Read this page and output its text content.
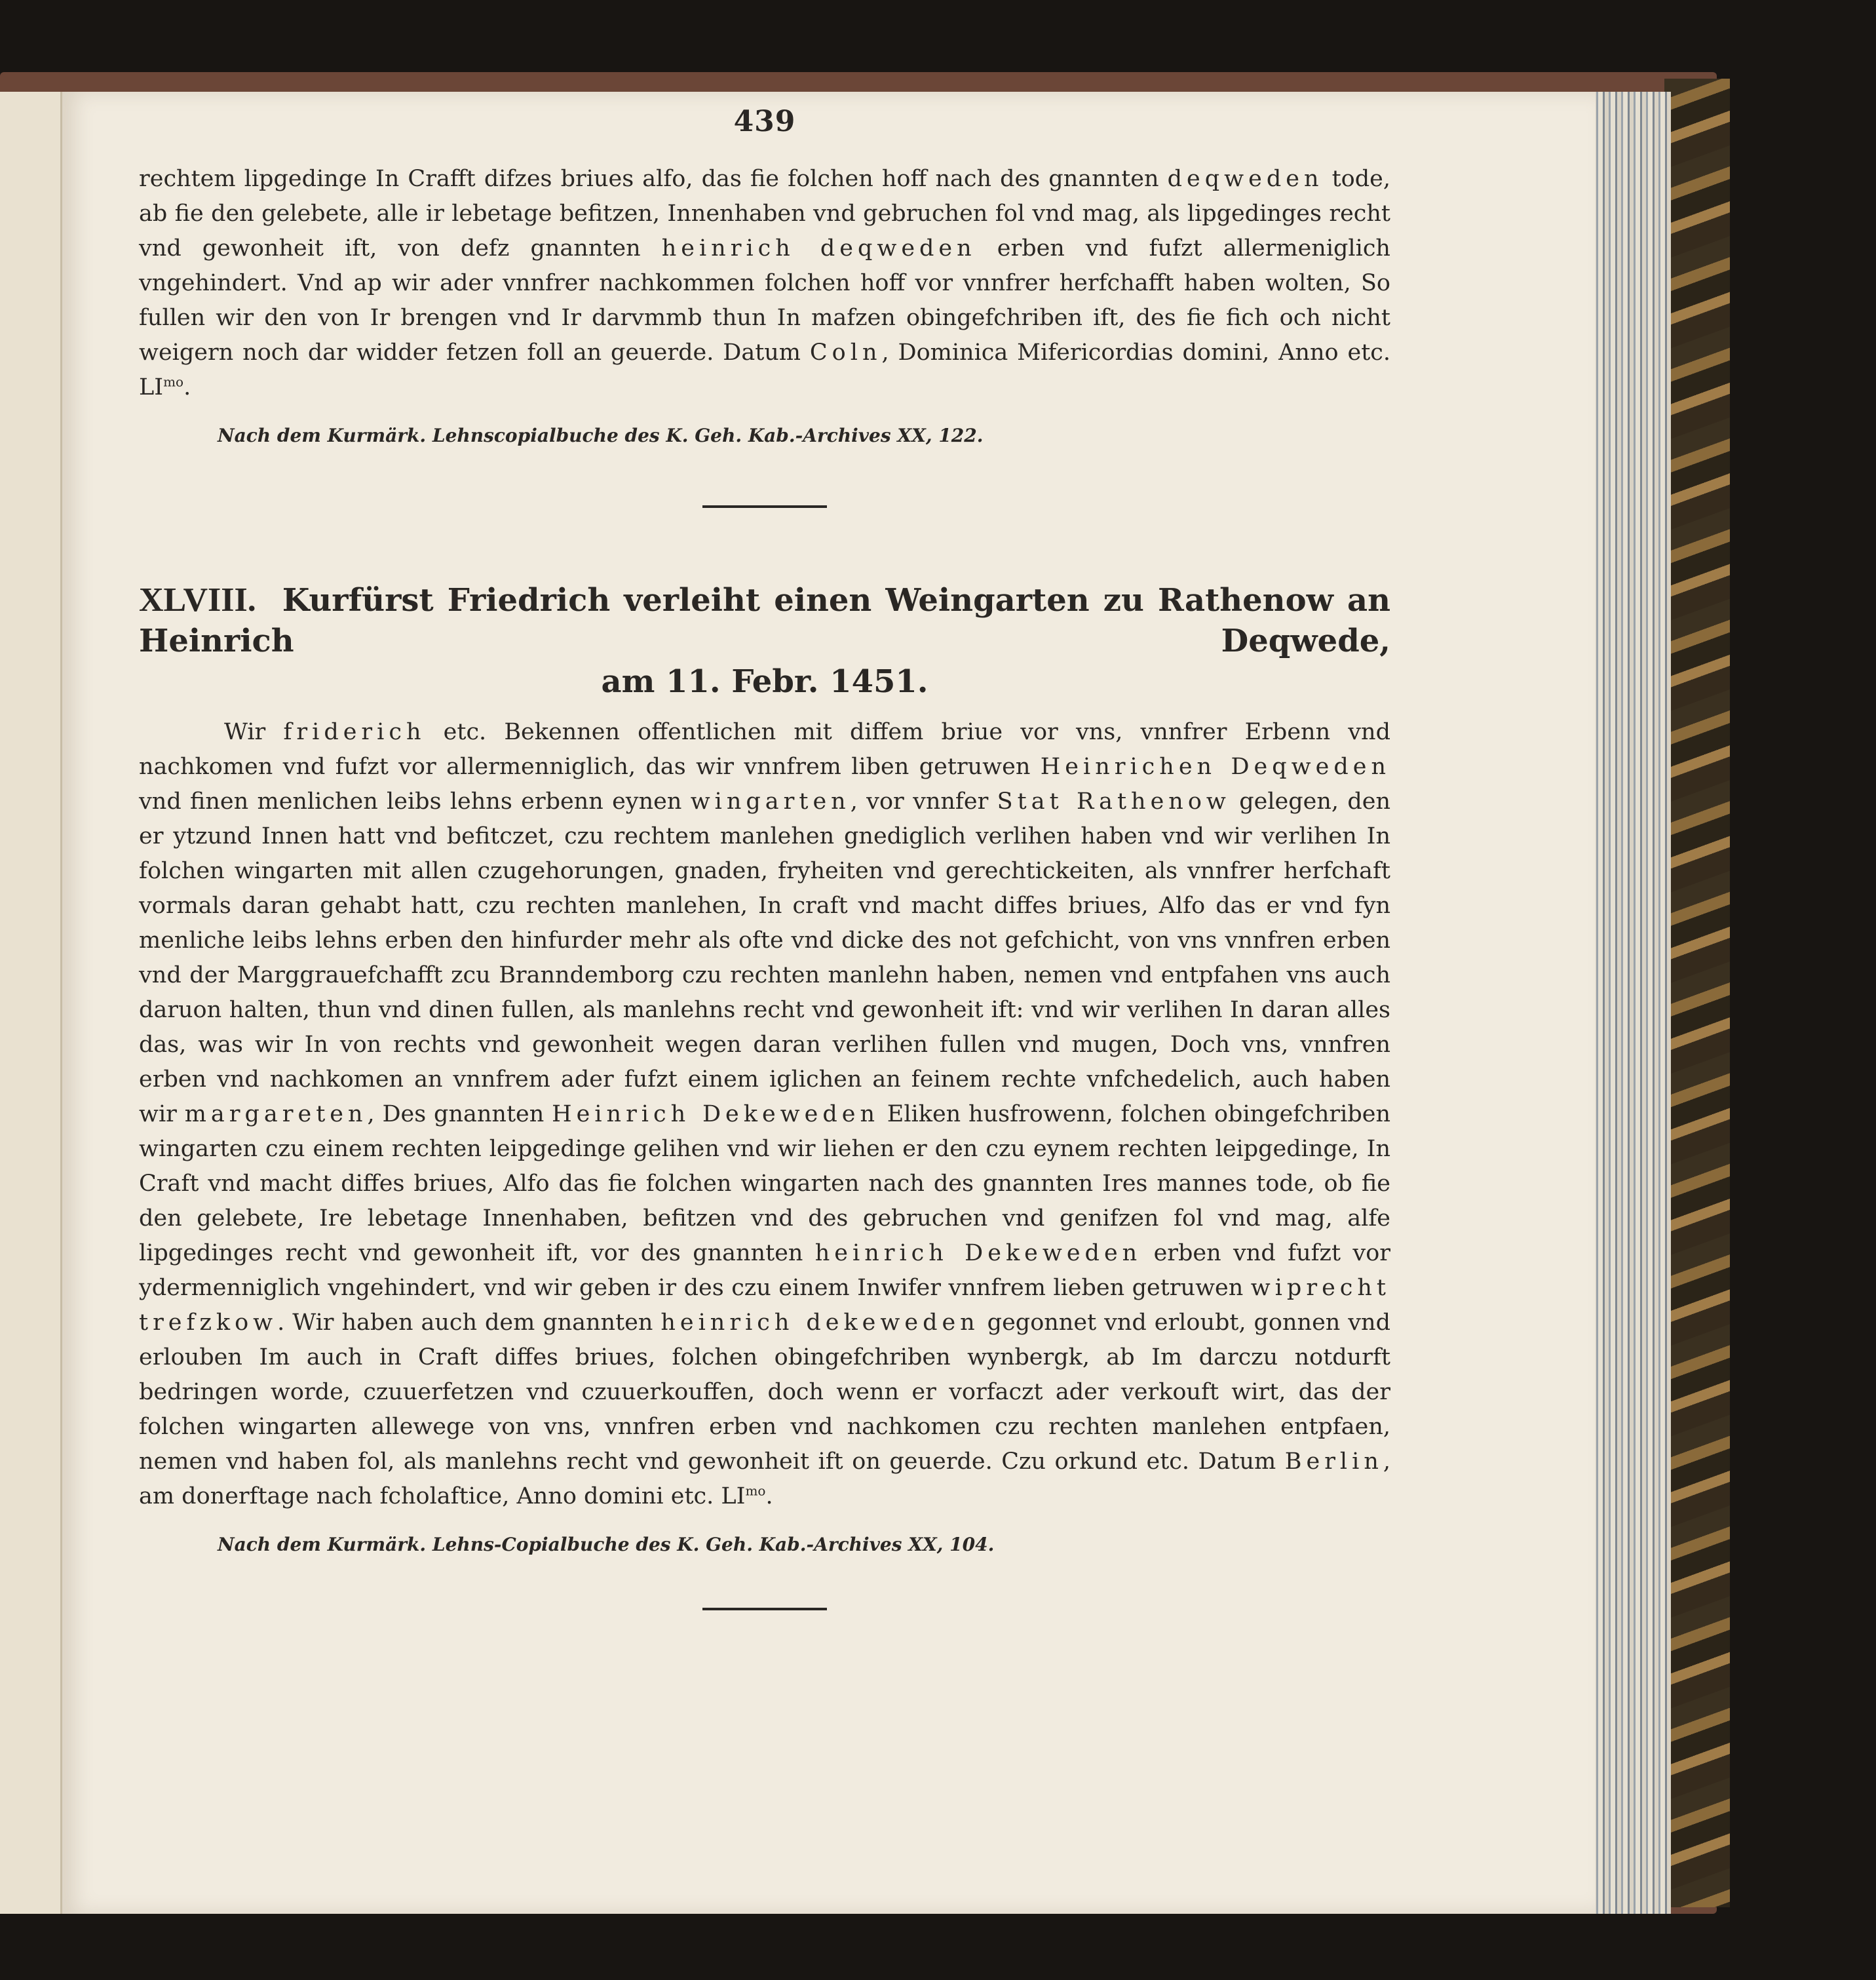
439

rechtem lipgedinge In Crafft difzes briues alfo, das fie folchen hoff nach des gnannten deqweden tode, ab fie den gelebete, alle ir lebetage befitzen, Innenhaben vnd gebruchen fol vnd mag, als lipgedinges recht vnd gewonheit ift, von defz gnannten heinrich deqweden erben vnd fufzt allermeniglich vngehindert. Vnd ap wir ader vnnfrer nachkommen folchen hoff vor vnnfrer herfchafft haben wolten, So fullen wir den von Ir brengen vnd Ir darvmmb thun In mafzen obingefchriben ift, des fie fich och nicht weigern noch dar widder fetzen foll an geuerde. Datum Coln, Dominica Mifericordias domini, Anno etc. $LI^{mo}$.

Nach dem Kurmärk. Lehnscopialbuche des K. Geh. Kab.-Archives XX, 122.

XLVIII. Kurfürst Friedrich verleiht einen Weingarten zu Rathenow an Heinrich Deqwede,
am 11. Febr. 1451.

Wir friderich etc. Bekennen offentlichen mit diffem briue vor vns, vnnfrer Erbenn vnd nachkomen vnd fufzt vor allermenniglich, das wir vnnfrem liben getruwen Heinrichen Deqweden vnd finen menlichen leibs lehns erbenn eynen wingarten, vor vnnfer Stat Rathenow gelegen, den er ytzund Innen hatt vnd befitczet, czu rechtem manlehen gnediglich verlihen haben vnd wir verlihen In folchen wingarten mit allen czugehorungen, gnaden, fryheiten vnd gerechtickeiten, als vnnfrer herfchaft vormals daran gehabt hatt, czu rechten manlehen, In craft vnd macht diffes briues, Alfo das er vnd fyn menliche leibs lehns erben den hinfurder mehr als ofte vnd dicke des not gefchicht, von vns vnnfren erben vnd der Marggrauefchafft zcu Branndemborg czu rechten manlehn haben, nemen vnd entpfahen vns auch daruon halten, thun vnd dinen fullen, als manlehns recht vnd gewonheit ift: vnd wir verlihen In daran alles das, was wir In von rechts vnd gewonheit wegen daran verlihen fullen vnd mugen, Doch vns, vnnfren erben vnd nachkomen an vnnfrem ader fufzt einem iglichen an feinem rechte vnfchedelich, auch haben wir margareten, Des gnannten Heinrich Dekeweden Eliken husfrowenn, folchen obingefchriben wingarten czu einem rechten leipgedinge gelihen vnd wir liehen er den czu eynem rechten leipgedinge, In Craft vnd macht diffes briues, Alfo das fie folchen wingarten nach des gnannten Ires mannes tode, ob fie den gelebete, Ire lebetage Innenhaben, befitzen vnd des gebruchen vnd genifzen fol vnd mag, alfe lipgedinges recht vnd gewonheit ift, vor des gnannten heinrich Dekeweden erben vnd fufzt vor ydermenniglich vngehindert, vnd wir geben ir des czu einem Inwifer vnnfrem lieben getruwen wiprecht trefzkow. Wir haben auch dem gnannten heinrich dekeweden gegonnet vnd erloubt, gonnen vnd erlouben Im auch in Craft diffes briues, folchen obingefchriben wynbergk, ab Im darczu notdurft bedringen worde, czuuerfetzen vnd czuuerkouffen, doch wenn er vorfaczt ader verkouft wirt, das der folchen wingarten allewege von vns, vnnfren erben vnd nachkomen czu rechten manlehen entpfaen, nemen vnd haben fol, als manlehns recht vnd gewonheit ift on geuerde. Czu orkund etc. Datum Berlin, am donerftage nach fcholaftice, Anno domini etc. $LI^{mo}$.

Nach dem Kurmärk. Lehns-Copialbuche des K. Geh. Kab.-Archives XX, 104.
